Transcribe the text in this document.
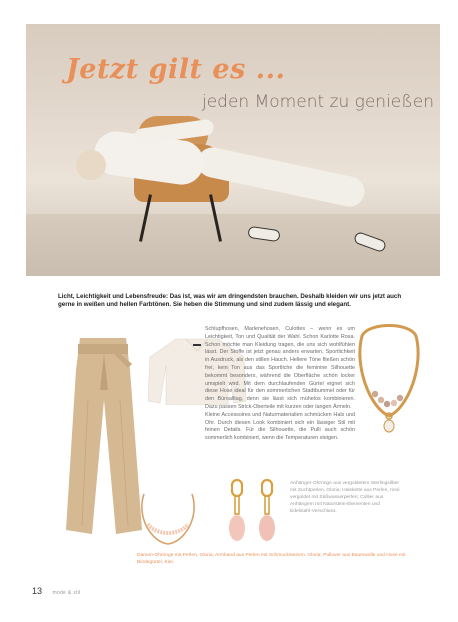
Jetzt gilt es ...
jeden Moment zu genießen
Licht, Leichtigkeit und Lebensfreude: Das ist, was wir am dringendsten brauchen. Deshalb kleiden wir uns jetzt auch gerne in weißen und hellen Farbtönen. Sie heben die Stimmung und sind zudem lässig und elegant.

Schlupfhosen, Marlenehosen, Culottes – wenn es um Leichtigkeit, Ton und Qualität der Wahl. Schon Karlotte Rosa. Schon möchte man Kleidung tragen, die uns sich wohlfühlen lässt. Der Stoffe ist jetzt genau anders erwarten, Sportlichkeit in Ausdruck, als den stillen Hauch. Hellere Töne fließen schön frei, kein Ton aus das Sportliche die feminine Silhouette bekommt besonders, während die Oberfläche schön locker umspielt wird. Mit dem durchlaufenden Gürtel eignet sich diese Hose ideal für den sommerlichen Stadtbummel oder für den Büroalltag, denn sie lässt sich mühelos kombinieren. Dazu passen Strick-Oberteile mit kurzen oder langen Ärmeln.

Kleine Accessoires und Naturmaterialien schmücken Hals und Ohr. Durch diesen Look kombiniert sich ein lässiger Stil mit feinen Details. Für die Silhouette, die Pulli auch schön sommerlich kombiniert, wenn die Temperaturen steigen.

Anhänger-Ohrringe aus vergoldetem Sterlingsilber mit Zuchtperlen, Gloria; Halskette aus Perlen, rosé vergoldet mit Süßwasserperlen; Collier aus Anhängern mit Naturstein-Elementen und Edelstahl-Verschluss.
Damen-Ohrringe mit Perlen, Gloria; Armband aus Perlen mit Schmucksteinen, Gloria; Pullover aus Baumwolle und Hose mit Bindegürtel, Kiel.
13 mode & stil
